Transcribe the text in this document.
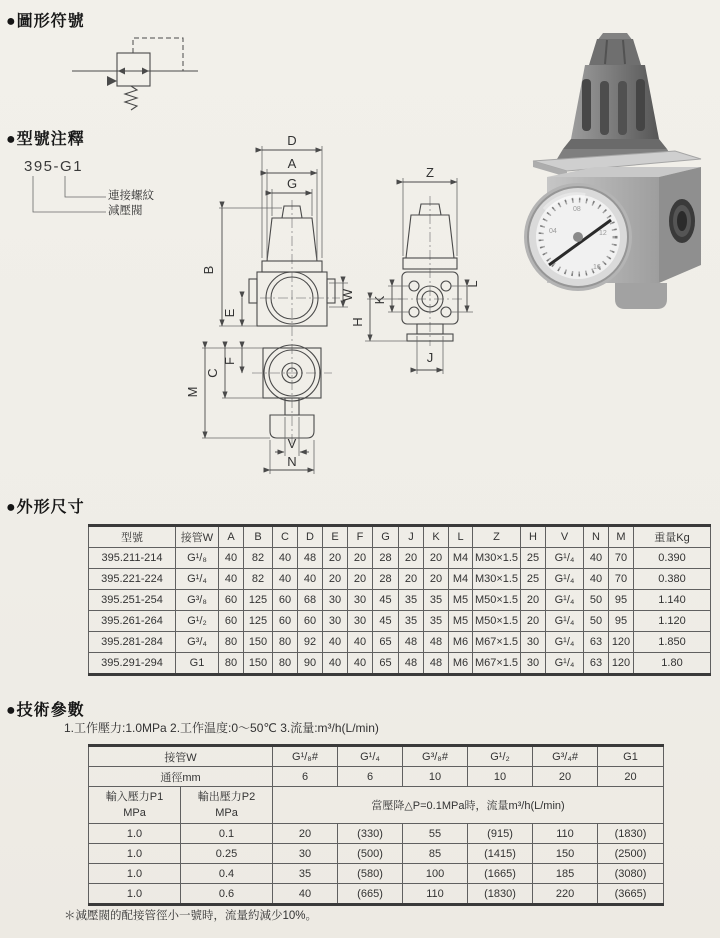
●圖形符號
●型號注釋
●外形尺寸
●技術參數
395-G1
連接螺紋
減壓閥
D
A
G
B
E
W
M
C
F
V
N
Z
K
L
H
J
04
08
12
16
型號	接管W	A	B	C	D	E	F	G	J	K	L	Z	H	V	N	M	重量Kg
395.211-214	G¹/₈	40	82	40	48	20	20	28	20	20	M4	M30×1.5	25	G¹/₄	40	70	0.390
395.221-224	G¹/₄	40	82	40	40	20	20	28	20	20	M4	M30×1.5	25	G¹/₄	40	70	0.380
395.251-254	G³/₈	60	125	60	68	30	30	45	35	35	M5	M50×1.5	20	G¹/₄	50	95	1.140
395.261-264	G¹/₂	60	125	60	60	30	30	45	35	35	M5	M50×1.5	20	G¹/₄	50	95	1.120
395.281-284	G³/₄	80	150	80	92	40	40	65	48	48	M6	M67×1.5	30	G¹/₄	63	120	1.850
395.291-294	G1	80	150	80	90	40	40	65	48	48	M6	M67×1.5	30	G¹/₄	63	120	1.80
1.工作壓力:1.0MPa 2.工作温度:0～50℃ 3.流量:m³/h(L/min)
接管W		G¹/₈#	G¹/₄	G³/₈#	G¹/₂	G³/₄#	G1
通徑mm		6	6	10	10	20	20

輸入壓力P1
MPa

輸出壓力P2
MPa
	當壓降△P=0.1MPa時，流量m³/h(L/min)
1.0	0.1	20	(330)	55	(915)	110	(1830)
1.0	0.25	30	(500)	85	(1415)	150	(2500)
1.0	0.4	35	(580)	100	(1665)	185	(3080)
1.0	0.6	40	(665)	110	(1830)	220	(3665)
＊減壓閥的配接管徑小一號時，流量約減少10%。
